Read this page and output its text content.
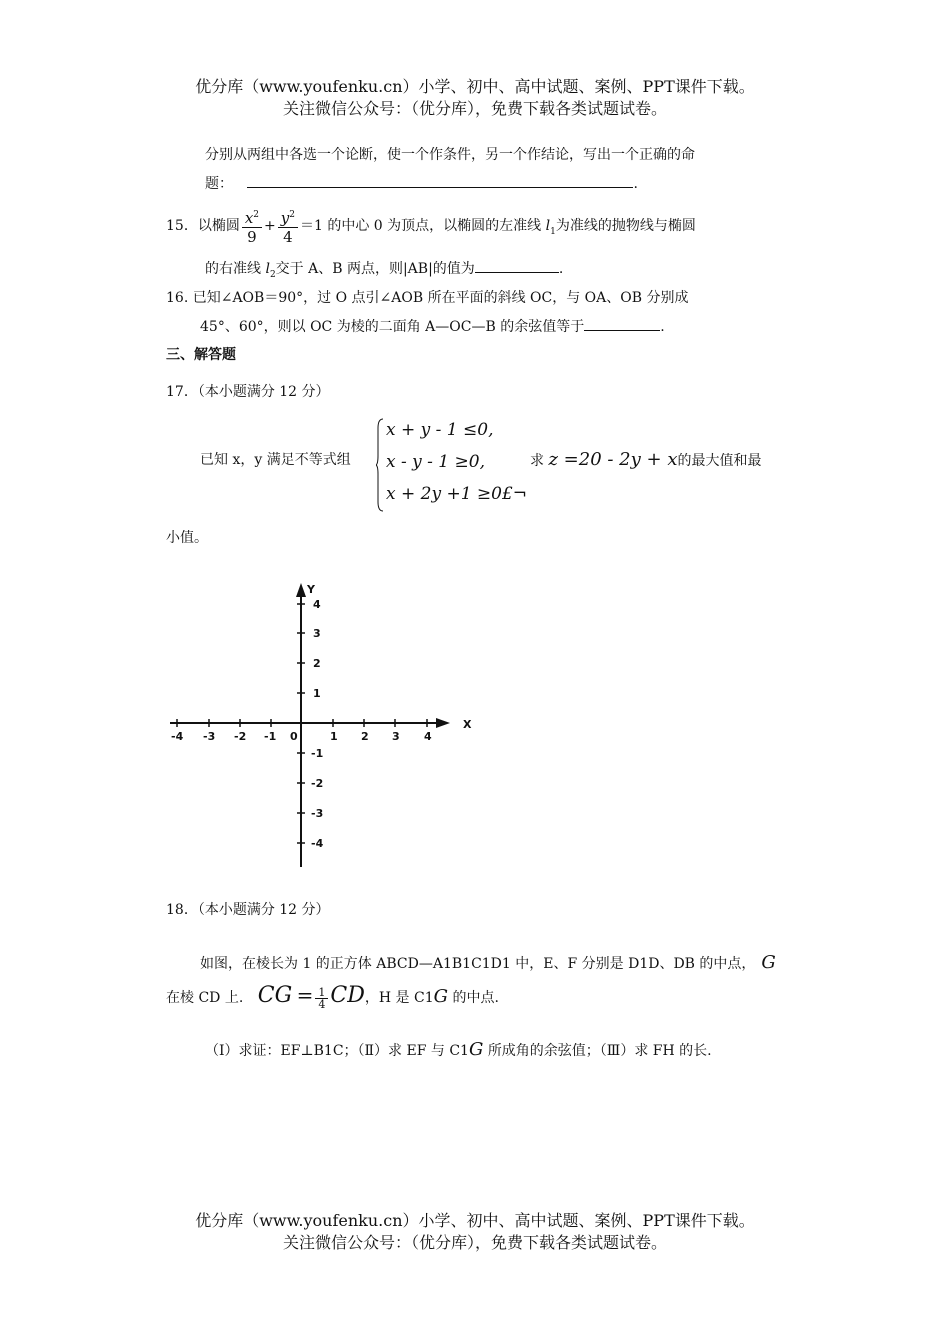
优分库（www.youfenku.cn）小学、初中、高中试题、案例、PPT课件下载。
关注微信公众号：（优分库），免费下载各类试题试卷。
分别从两组中各选一个论断，使一个作条件，另一个作结论，写出一个正确的命
题：	.
15．以椭圆 $\frac{x^2}{9} + \frac{y^2}{4} =1$ 的中心 0 为顶点，以椭圆的左准线 $l_1$为准线的抛物线与椭圆
的右准线 $l_2$交于 A、B 两点，则|AB|的值为	.
16. 已知∠AOB＝90°，过 O 点引∠AOB 所在平面的斜线 OC，与 OA、OB 分别成
45°、60°，则以 OC 为棱的二面角 A—OC—B 的余弦值等于	.
三、解答题
17．（本小题满分 12 分）
已知 x，y 满足不等式组
x + y - 1 ≤0,
x - y - 1 ≥0,
x + 2y +1 ≥0£¬
求 z =20 - 2y + x的最大值和最
小值。
X
Y
0
-4 -3 -2 -1	1 2 3 4
4
3
2
1
-1
-2
-3
-4
18．（本小题满分 12 分）
如图，在棱长为 1 的正方体 ABCD—A1B1C1D1 中，E、F 分别是 D1D、DB 的中点， G
在棱 CD 上. CG = $\frac{1}{4}$ CD，H 是 C1G 的中点.
（Ⅰ）求证：EF⊥B1C；（Ⅱ）求 EF 与 C1G 所成角的余弦值；（Ⅲ）求 FH 的长.
优分库（www.youfenku.cn）小学、初中、高中试题、案例、PPT课件下载。
关注微信公众号：（优分库），免费下载各类试题试卷。
